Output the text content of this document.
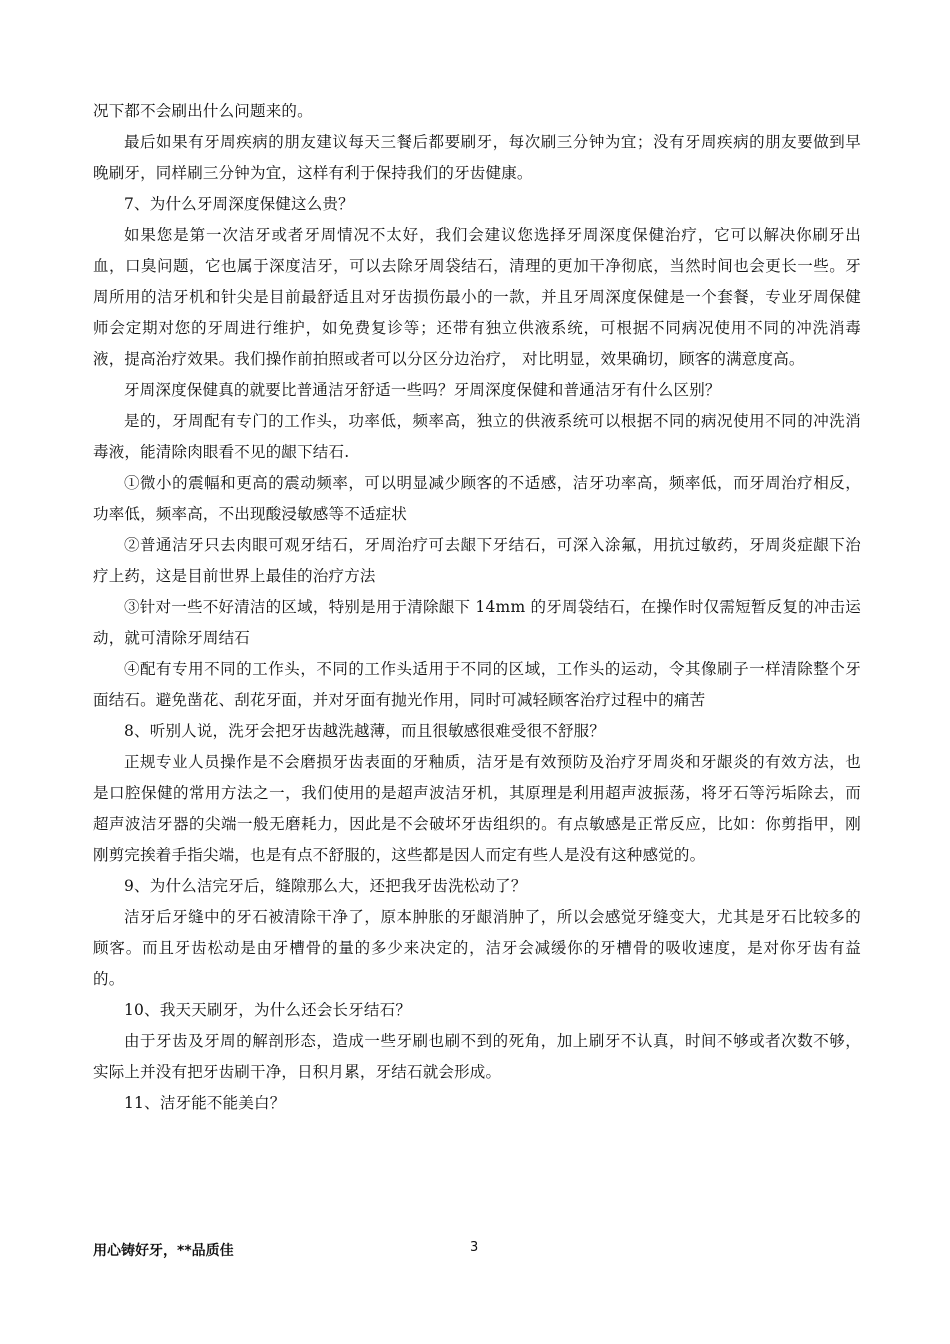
况下都不会刷出什么问题来的。

最后如果有牙周疾病的朋友建议每天三餐后都要刷牙，每次刷三分钟为宜；没有牙周疾病的朋友要做到早晚刷牙，同样刷三分钟为宜，这样有利于保持我们的牙齿健康。

7、为什么牙周深度保健这么贵？

如果您是第一次洁牙或者牙周情况不太好，我们会建议您选择牙周深度保健治疗，它可以解决你刷牙出血，口臭问题，它也属于深度洁牙，可以去除牙周袋结石，清理的更加干净彻底，当然时间也会更长一些。牙周所用的洁牙机和针尖是目前最舒适且对牙齿损伤最小的一款，并且牙周深度保健是一个套餐，专业牙周保健师会定期对您的牙周进行维护，如免费复诊等；还带有独立供液系统，可根据不同病况使用不同的冲洗消毒液，提高治疗效果。我们操作前拍照或者可以分区分边治疗， 对比明显，效果确切，顾客的满意度高。

牙周深度保健真的就要比普通洁牙舒适一些吗？牙周深度保健和普通洁牙有什么区别？

是的，牙周配有专门的工作头，功率低，频率高，独立的供液系统可以根据不同的病况使用不同的冲洗消毒液，能清除肉眼看不见的龈下结石.

①微小的震幅和更高的震动频率，可以明显减少顾客的不适感，洁牙功率高，频率低，而牙周治疗相反，功率低，频率高，不出现酸浸敏感等不适症状

②普通洁牙只去肉眼可观牙结石，牙周治疗可去龈下牙结石，可深入涂氟，用抗过敏药，牙周炎症龈下治疗上药，这是目前世界上最佳的治疗方法

③针对一些不好清洁的区域，特别是用于清除龈下 14mm 的牙周袋结石，在操作时仅需短暂反复的冲击运动，就可清除牙周结石

④配有专用不同的工作头，不同的工作头适用于不同的区域，工作头的运动，令其像刷子一样清除整个牙面结石。避免凿花、刮花牙面，并对牙面有抛光作用，同时可减轻顾客治疗过程中的痛苦

8、听别人说，洗牙会把牙齿越洗越薄，而且很敏感很难受很不舒服？

正规专业人员操作是不会磨损牙齿表面的牙釉质，洁牙是有效预防及治疗牙周炎和牙龈炎的有效方法，也是口腔保健的常用方法之一，我们使用的是超声波洁牙机，其原理是利用超声波振荡，将牙石等污垢除去，而超声波洁牙器的尖端一般无磨耗力，因此是不会破坏牙齿组织的。有点敏感是正常反应，比如：你剪指甲，刚刚剪完挨着手指尖端，也是有点不舒服的，这些都是因人而定有些人是没有这种感觉的。

9、为什么洁完牙后，缝隙那么大，还把我牙齿洗松动了？

洁牙后牙缝中的牙石被清除干净了，原本肿胀的牙龈消肿了，所以会感觉牙缝变大，尤其是牙石比较多的顾客。而且牙齿松动是由牙槽骨的量的多少来决定的，洁牙会减缓你的牙槽骨的吸收速度，是对你牙齿有益的。

10、我天天刷牙，为什么还会长牙结石？

由于牙齿及牙周的解剖形态，造成一些牙刷也刷不到的死角，加上刷牙不认真，时间不够或者次数不够，实际上并没有把牙齿刷干净，日积月累，牙结石就会形成。

11、洁牙能不能美白？

用心铸好牙，**品质佳	3
